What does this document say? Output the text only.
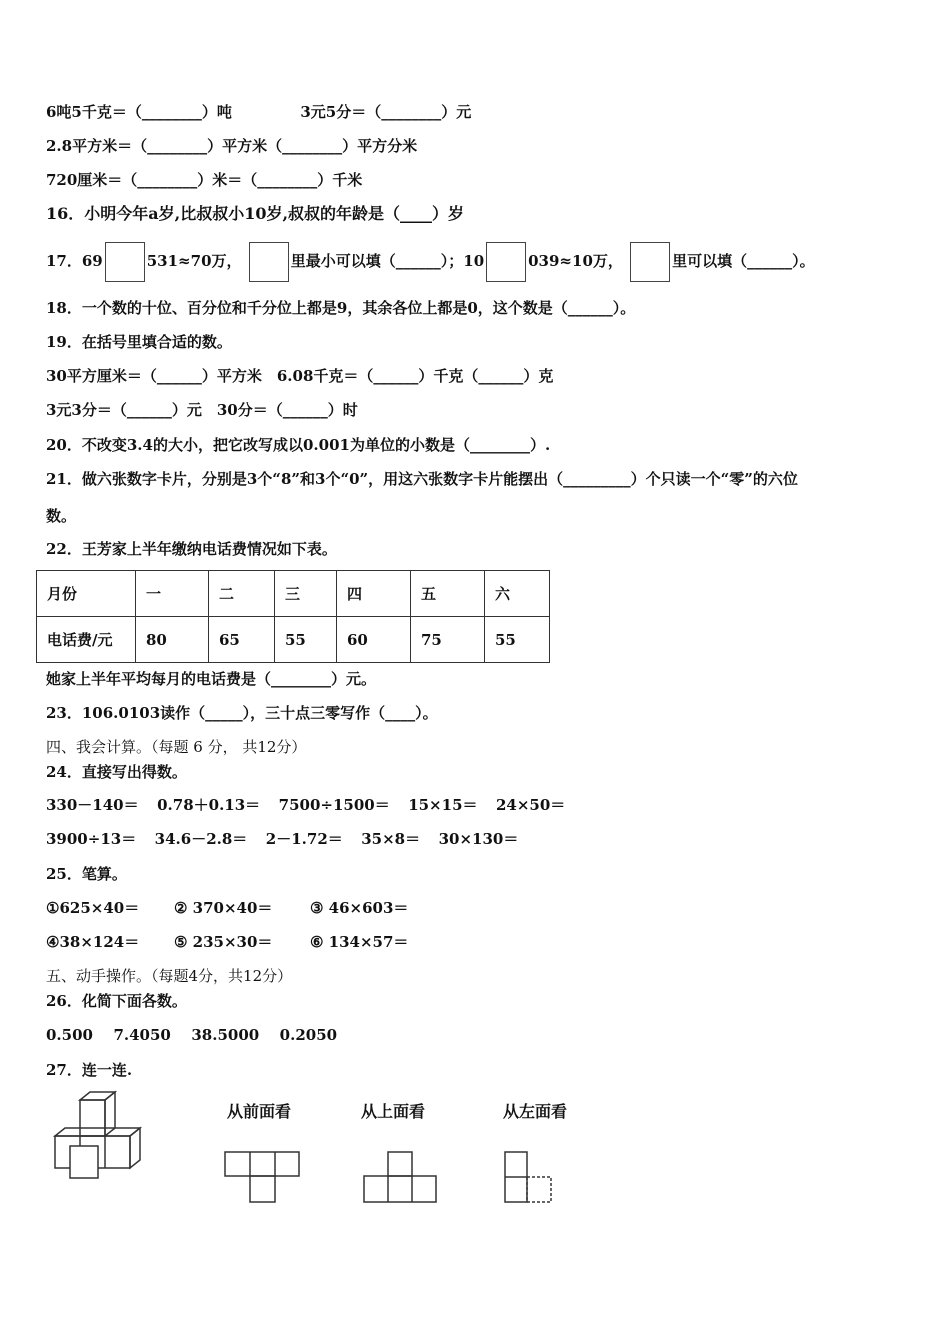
6吨5千克＝（________）吨	3元5分＝（________）元
2.8平方米＝（________）平方米（________）平方分米
720厘米＝（________）米＝（________）千米
16．小明今年a岁,比叔叔小10岁,叔叔的年龄是（____）岁
17．69	531≈70万，	里最小可以填（______）；10	039≈10万，	里可以填（______）。
18．一个数的十位、百分位和千分位上都是9，其余各位上都是0，这个数是（______）。
19．在括号里填合适的数。
30平方厘米＝（______）平方米　6.08千克＝（______）千克（______）克
3元3分＝（______）元　30分＝（______）时
20．不改变3.4的大小，把它改写成以0.001为单位的小数是（________）.
21．做六张数字卡片，分别是3个“8”和3个“0”，用这六张数字卡片能摆出（_________）个只读一个“零”的六位
数。
22．王芳家上半年缴纳电话费情况如下表。
月份	一	二	三	四	五	六
电话费/元	80	65	55	60	75	55
她家上半年平均每月的电话费是（________）元。
23．106.0103读作（_____），三十点三零写作（____）。
四、我会计算。（每题 6 分， 共12分）
24．直接写出得数。
330－140＝ 0.78＋0.13＝ 7500÷1500＝ 15×15＝ 24×50＝
3900÷13＝ 34.6－2.8＝ 2－1.72＝ 35×8＝ 30×130＝
25．笔算。
①625×40＝ ② 370×40＝	③ 46×603＝
④38×124＝ ⑤ 235×30＝	⑥ 134×57＝
五、动手操作。（每题4分，共12分）
26．化简下面各数。
0.500 7.4050 38.5000 0.2050
27．连一连.
从前面看	从上面看	从左面看
